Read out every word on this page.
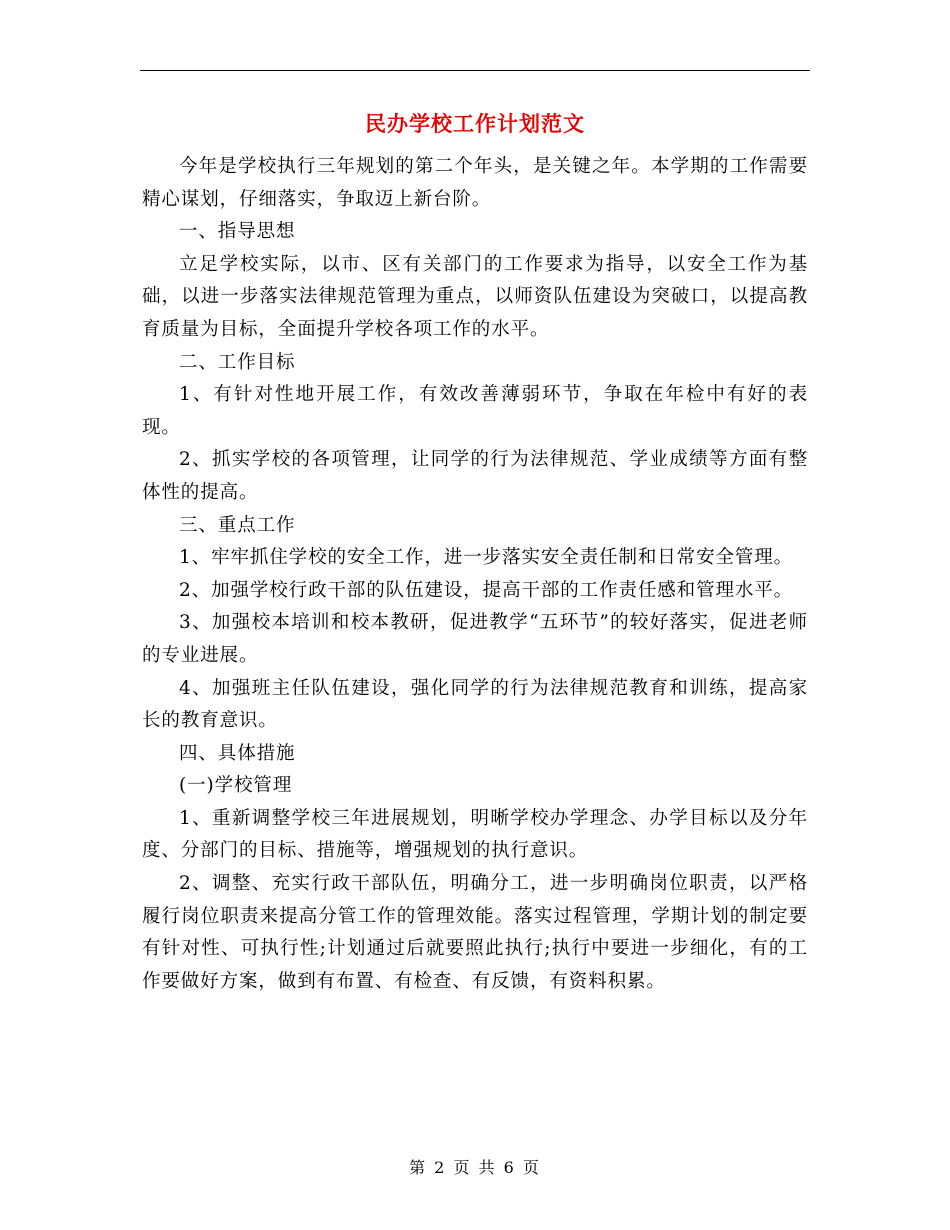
民办学校工作计划范文

今年是学校执行三年规划的第二个年头，是关键之年。本学期的工作需要精心谋划，仔细落实，争取迈上新台阶。

一、指导思想

立足学校实际，以市、区有关部门的工作要求为指导，以安全工作为基础，以进一步落实法律规范管理为重点，以师资队伍建设为突破口，以提高教育质量为目标，全面提升学校各项工作的水平。

二、工作目标

1、有针对性地开展工作，有效改善薄弱环节，争取在年检中有好的表现。

2、抓实学校的各项管理，让同学的行为法律规范、学业成绩等方面有整体性的提高。

三、重点工作

1、牢牢抓住学校的安全工作，进一步落实安全责任制和日常安全管理。

2、加强学校行政干部的队伍建设，提高干部的工作责任感和管理水平。

3、加强校本培训和校本教研，促进教学“五环节”的较好落实，促进老师的专业进展。

4、加强班主任队伍建设，强化同学的行为法律规范教育和训练，提高家长的教育意识。

四、具体措施

(一)学校管理

1、重新调整学校三年进展规划，明晰学校办学理念、办学目标以及分年度、分部门的目标、措施等，增强规划的执行意识。

2、调整、充实行政干部队伍，明确分工，进一步明确岗位职责，以严格履行岗位职责来提高分管工作的管理效能。落实过程管理，学期计划的制定要有针对性、可执行性;计划通过后就要照此执行;执行中要进一步细化，有的工作要做好方案，做到有布置、有检查、有反馈，有资料积累。

第 2 页 共 6 页
